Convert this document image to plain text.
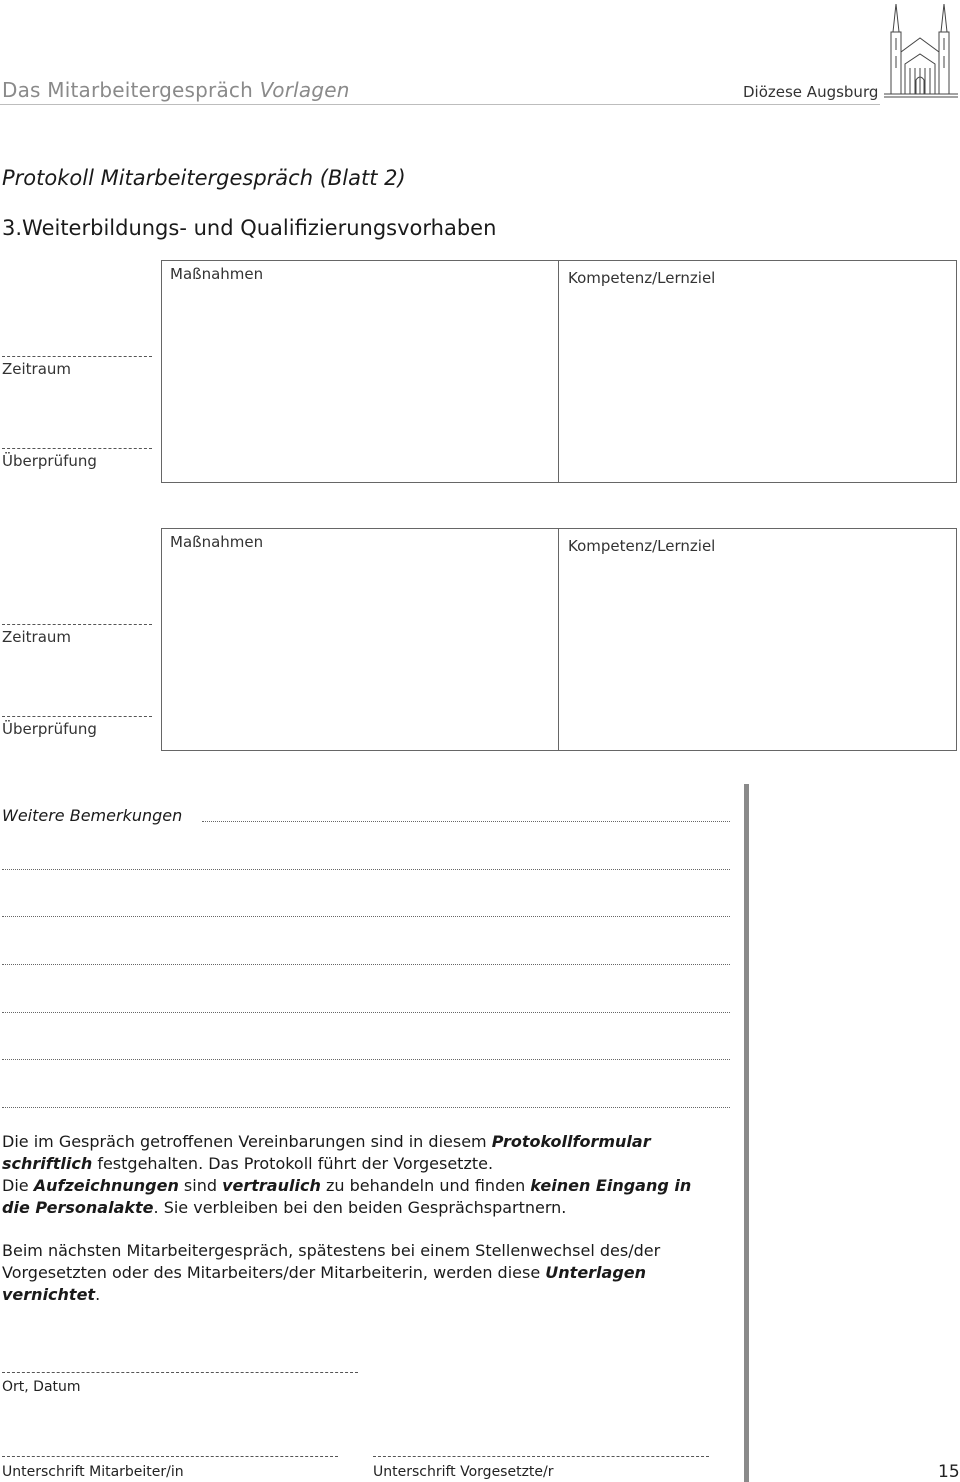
Das Mitarbeitergespräch Vorlagen	Diözese Augsburg
Protokoll Mitarbeitergespräch (Blatt 2)
3.Weiterbildungs- und Qualifizierungsvorhaben
Maßnahmen	Kompetenz/Lernziel
Zeitraum
Überprüfung
Maßnahmen	Kompetenz/Lernziel
Zeitraum
Überprüfung
Weitere Bemerkungen
Die im Gespräch getroffenen Vereinbarungen sind in diesem Protokollformular schriftlich festgehalten. Das Protokoll führt der Vorgesetzte.
Die Aufzeichnungen sind vertraulich zu behandeln und finden keinen Eingang in die Personalakte. Sie verbleiben bei den beiden Gesprächspartnern.
Beim nächsten Mitarbeitergespräch, spätestens bei einem Stellenwechsel des/der Vorgesetzten oder des Mitarbeiters/der Mitarbeiterin, werden diese Unterlagen vernichtet.
Ort, Datum
Unterschrift Mitarbeiter/in	Unterschrift Vorgesetzte/r	15
